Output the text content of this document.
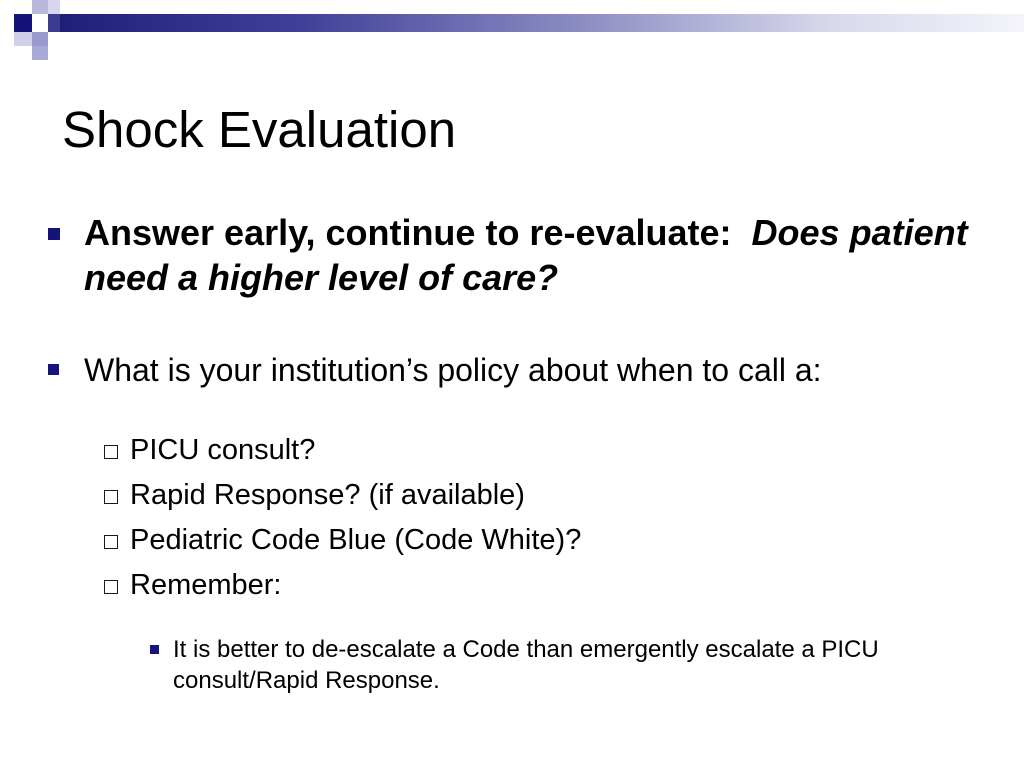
Shock Evaluation
Answer early, continue to re-evaluate: Does patient need a higher level of care?
What is your institution’s policy about when to call a:
PICU consult?
Rapid Response? (if available)
Pediatric Code Blue (Code White)?
Remember:
It is better to de-escalate a Code than emergently escalate a PICU consult/Rapid Response.
